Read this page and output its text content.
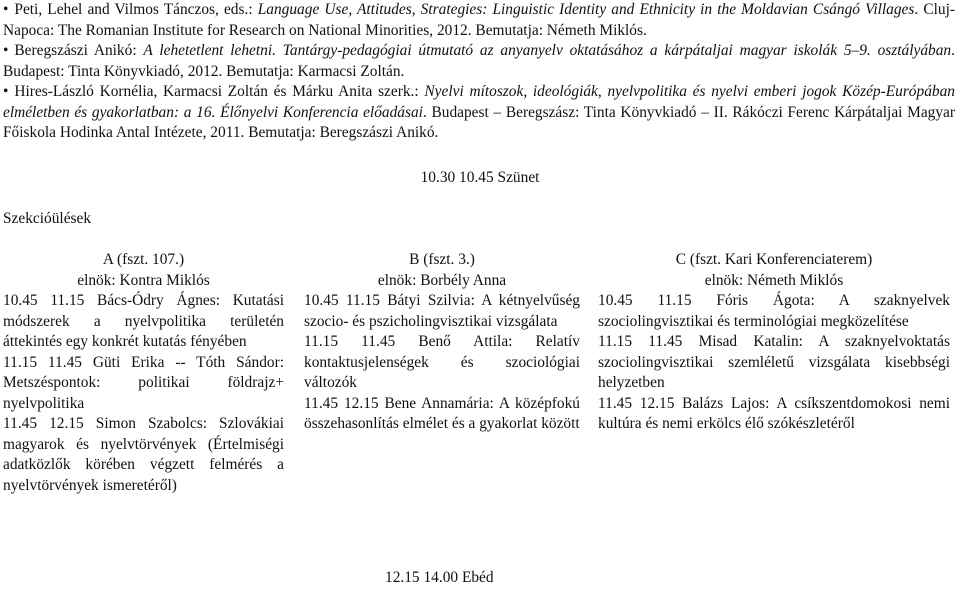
• Peti, Lehel and Vilmos Tánczos, eds.: Language Use, Attitudes, Strategies: Linguistic Identity and Ethnicity in the Moldavian Csángó Villages. Cluj-Napoca: The Romanian Institute for Research on National Minorities, 2012. Bemutatja: Németh Miklós.

• Beregszászi Anikó: A lehetetlent lehetni. Tantárgy-pedagógiai útmutató az anyanyelv oktatásához a kárpátaljai magyar iskolák 5–9. osztályában. Budapest: Tinta Könyvkiadó, 2012. Bemutatja: Karmacsi Zoltán.

• Hires-László Kornélia, Karmacsi Zoltán és Márku Anita szerk.: Nyelvi mítoszok, ideológiák, nyelvpolitika és nyelvi emberi jogok Közép-Európában elméletben és gyakorlatban: a 16. Élőnyelvi Konferencia előadásai. Budapest – Beregszász: Tinta Könyvkiadó – II. Rákóczi Ferenc Kárpátaljai Magyar Főiskola Hodinka Antal Intézete, 2011. Bemutatja: Beregszászi Anikó.

10.30 10.45 Szünet
Szekcióülések
A (fszt. 107.)
elnök: Kontra Miklós
10.45 11.15 Bács-Ódry Ágnes: Kutatási módszerek a nyelvpolitika területén áttekintés egy konkrét kutatás fényében
11.15 11.45 Güti Erika -- Tóth Sándor: Metszéspontok: politikai földrajz+ nyelvpolitika
11.45 12.15 Simon Szabolcs: Szlovákiai magyarok és nyelvtörvények (Értelmiségi adatközlők körében végzett felmérés a nyelvtörvények ismeretéről)
B (fszt. 3.)
elnök: Borbély Anna
10.45 11.15 Bátyi Szilvia: A kétnyelvűség szocio- és pszicholingvisztikai vizsgálata
11.15 11.45 Benő Attila: Relatív kontaktusjelenségek és szociológiai változók
11.45 12.15 Bene Annamária: A középfokú összehasonlítás elmélet és a gyakorlat között
C (fszt. Kari Konferenciaterem)
elnök: Németh Miklós
10.45 11.15 Fóris Ágota: A szaknyelvek szociolingvisztikai és terminológiai megközelítése
11.15 11.45 Misad Katalin: A szaknyelvoktatás szociolingvisztikai szemléletű vizsgálata kisebbségi helyzetben
11.45 12.15 Balázs Lajos: A csíkszentdomokosi nemi kultúra és nemi erkölcs élő szókészletéről
12.15 14.00 Ebéd
